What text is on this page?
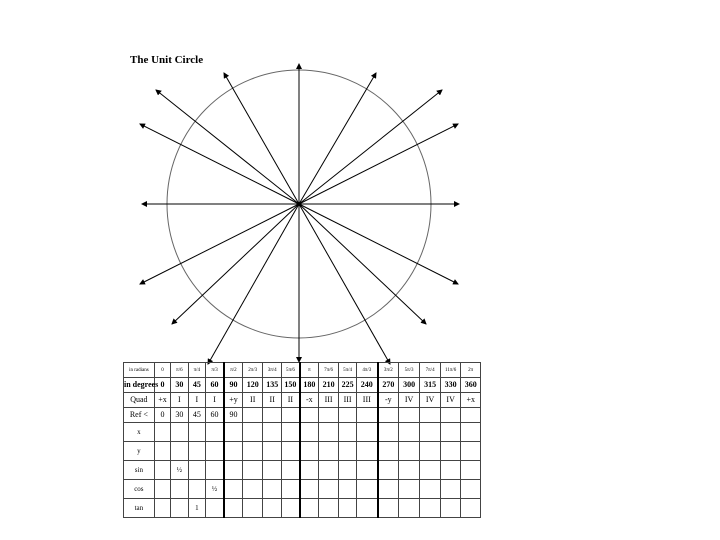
The Unit Circle
in radians	0	π/6	π/4	π/3	π/2	2π/3	3π/4	5π/6	π	7π/6	5π/4	4π/3	3π/2	5π/3	7π/4	11π/6	2π
in degrees	0	30	45	60	90	120	135	150	180	210	225	240	270	300	315	330	360
Quad	+x	I	I	I	+y	II	II	II	-x	III	III	III	-y	IV	IV	IV	+x
Ref <	0	30	45	60	90												
x																	
y																	
sin		½															
cos				½													
tan			1														
